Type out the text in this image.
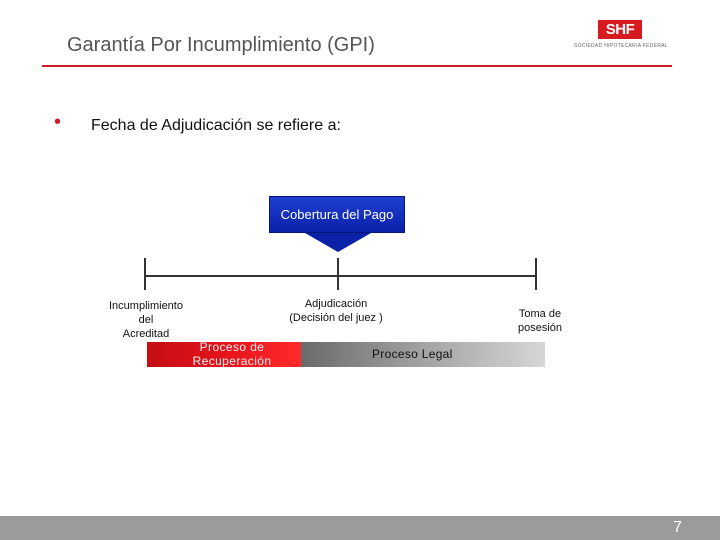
Garantía Por Incumplimiento (GPI)
SHF
SOCIEDAD HIPOTECARIA FEDERAL
• Fecha de Adjudicación se refiere a:
Cobertura del Pago
Incumplimiento
del
Acreditad
Adjudicación
(Decisión del juez )	Toma de
posesión
Proceso de
Recuperación	Proceso Legal
7
